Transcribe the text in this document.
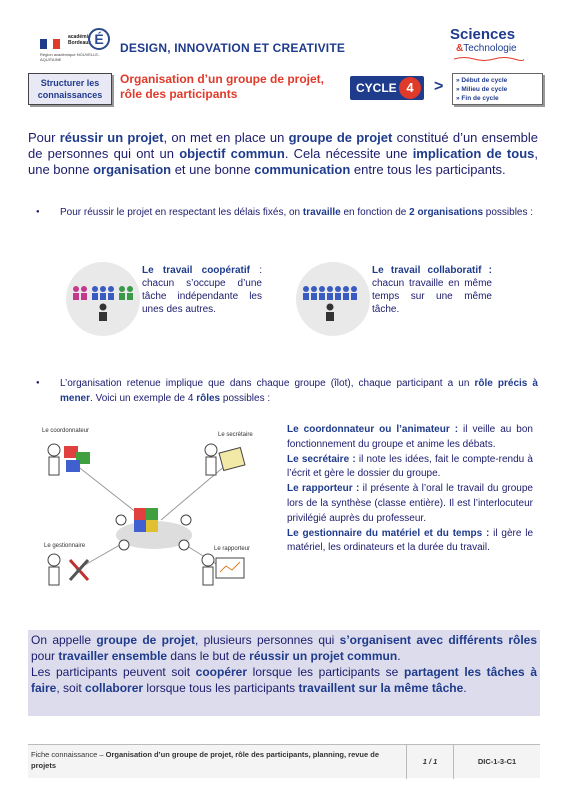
académie
Bordeaux É
Région académique NOUVELLE-AQUITAINE
DESIGN, INNOVATION ET CREATIVITE
Sciences
&Technologie
Structurer les connaissances
Organisation d’un groupe de projet, rôle des participants	CYCLE 4	> » Début de cycle
» Milieu de cycle
» Fin de cycle
Pour réussir un projet, on met en place un groupe de projet constitué d’un ensemble de personnes qui ont un objectif commun. Cela nécessite une implication de tous, une bonne organisation et une bonne communication entre tous les participants.
● Pour réussir le projet en respectant les délais fixés, on travaille en fonction de 2 organisations possibles :
Le travail coopératif : chacun s’occupe d’une tâche indépendante les unes des autres.
Le travail collaboratif : chacun travaille en même temps sur une même tâche.
● L’organisation retenue implique que dans chaque groupe (îlot), chaque participant a un rôle précis à mener. Voici un exemple de 4 rôles possibles :
Le coordonnateur
Le secrétaire
Le gestionnaire	Le rapporteur
Le coordonnateur ou l’animateur : il veille au bon fonctionnement du groupe et anime les débats.
Le secrétaire : il note les idées, fait le compte-rendu à l’écrit et gère le dossier du groupe.
Le rapporteur : il présente à l’oral le travail du groupe lors de la synthèse (classe entière). Il est l’interlocuteur privilégié auprès du professeur.
Le gestionnaire du matériel et du temps : il gère le matériel, les ordinateurs et la durée du travail.
On appelle groupe de projet, plusieurs personnes qui s’organisent avec différents rôles pour travailler ensemble dans le but de réussir un projet commun.
Les participants peuvent soit coopérer lorsque les participants se partagent les tâches à faire, soit collaborer lorsque tous les participants travaillent sur la même tâche.
Fiche connaissance – Organisation d’un groupe de projet, rôle des participants, planning, revue de projets	1 / 1	DIC-1-3-C1
